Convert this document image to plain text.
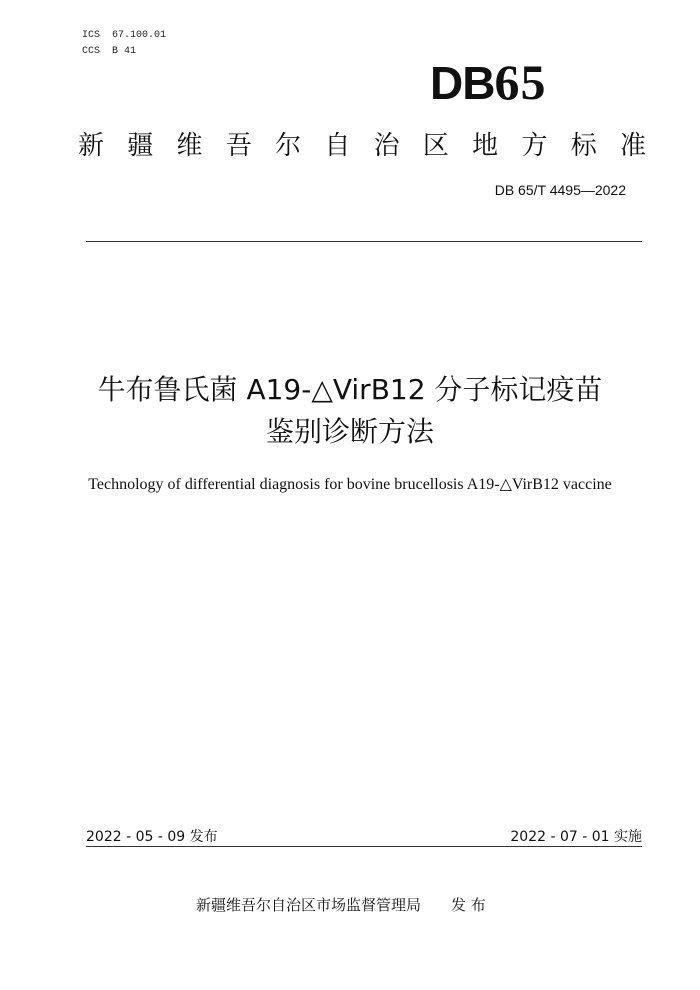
ICS  67.100.01
CCS  B 41
DB65
新疆维吾尔自治区地方标准
DB 65/T 4495—2022
牛布鲁氏菌 A19-△VirB12 分子标记疫苗
鉴别诊断方法
Technology of differential diagnosis for bovine brucellosis A19-△VirB12 vaccine
2022 - 05 - 09 发布	2022 - 07 - 01 实施
新疆维吾尔自治区市场监督管理局 发 布
